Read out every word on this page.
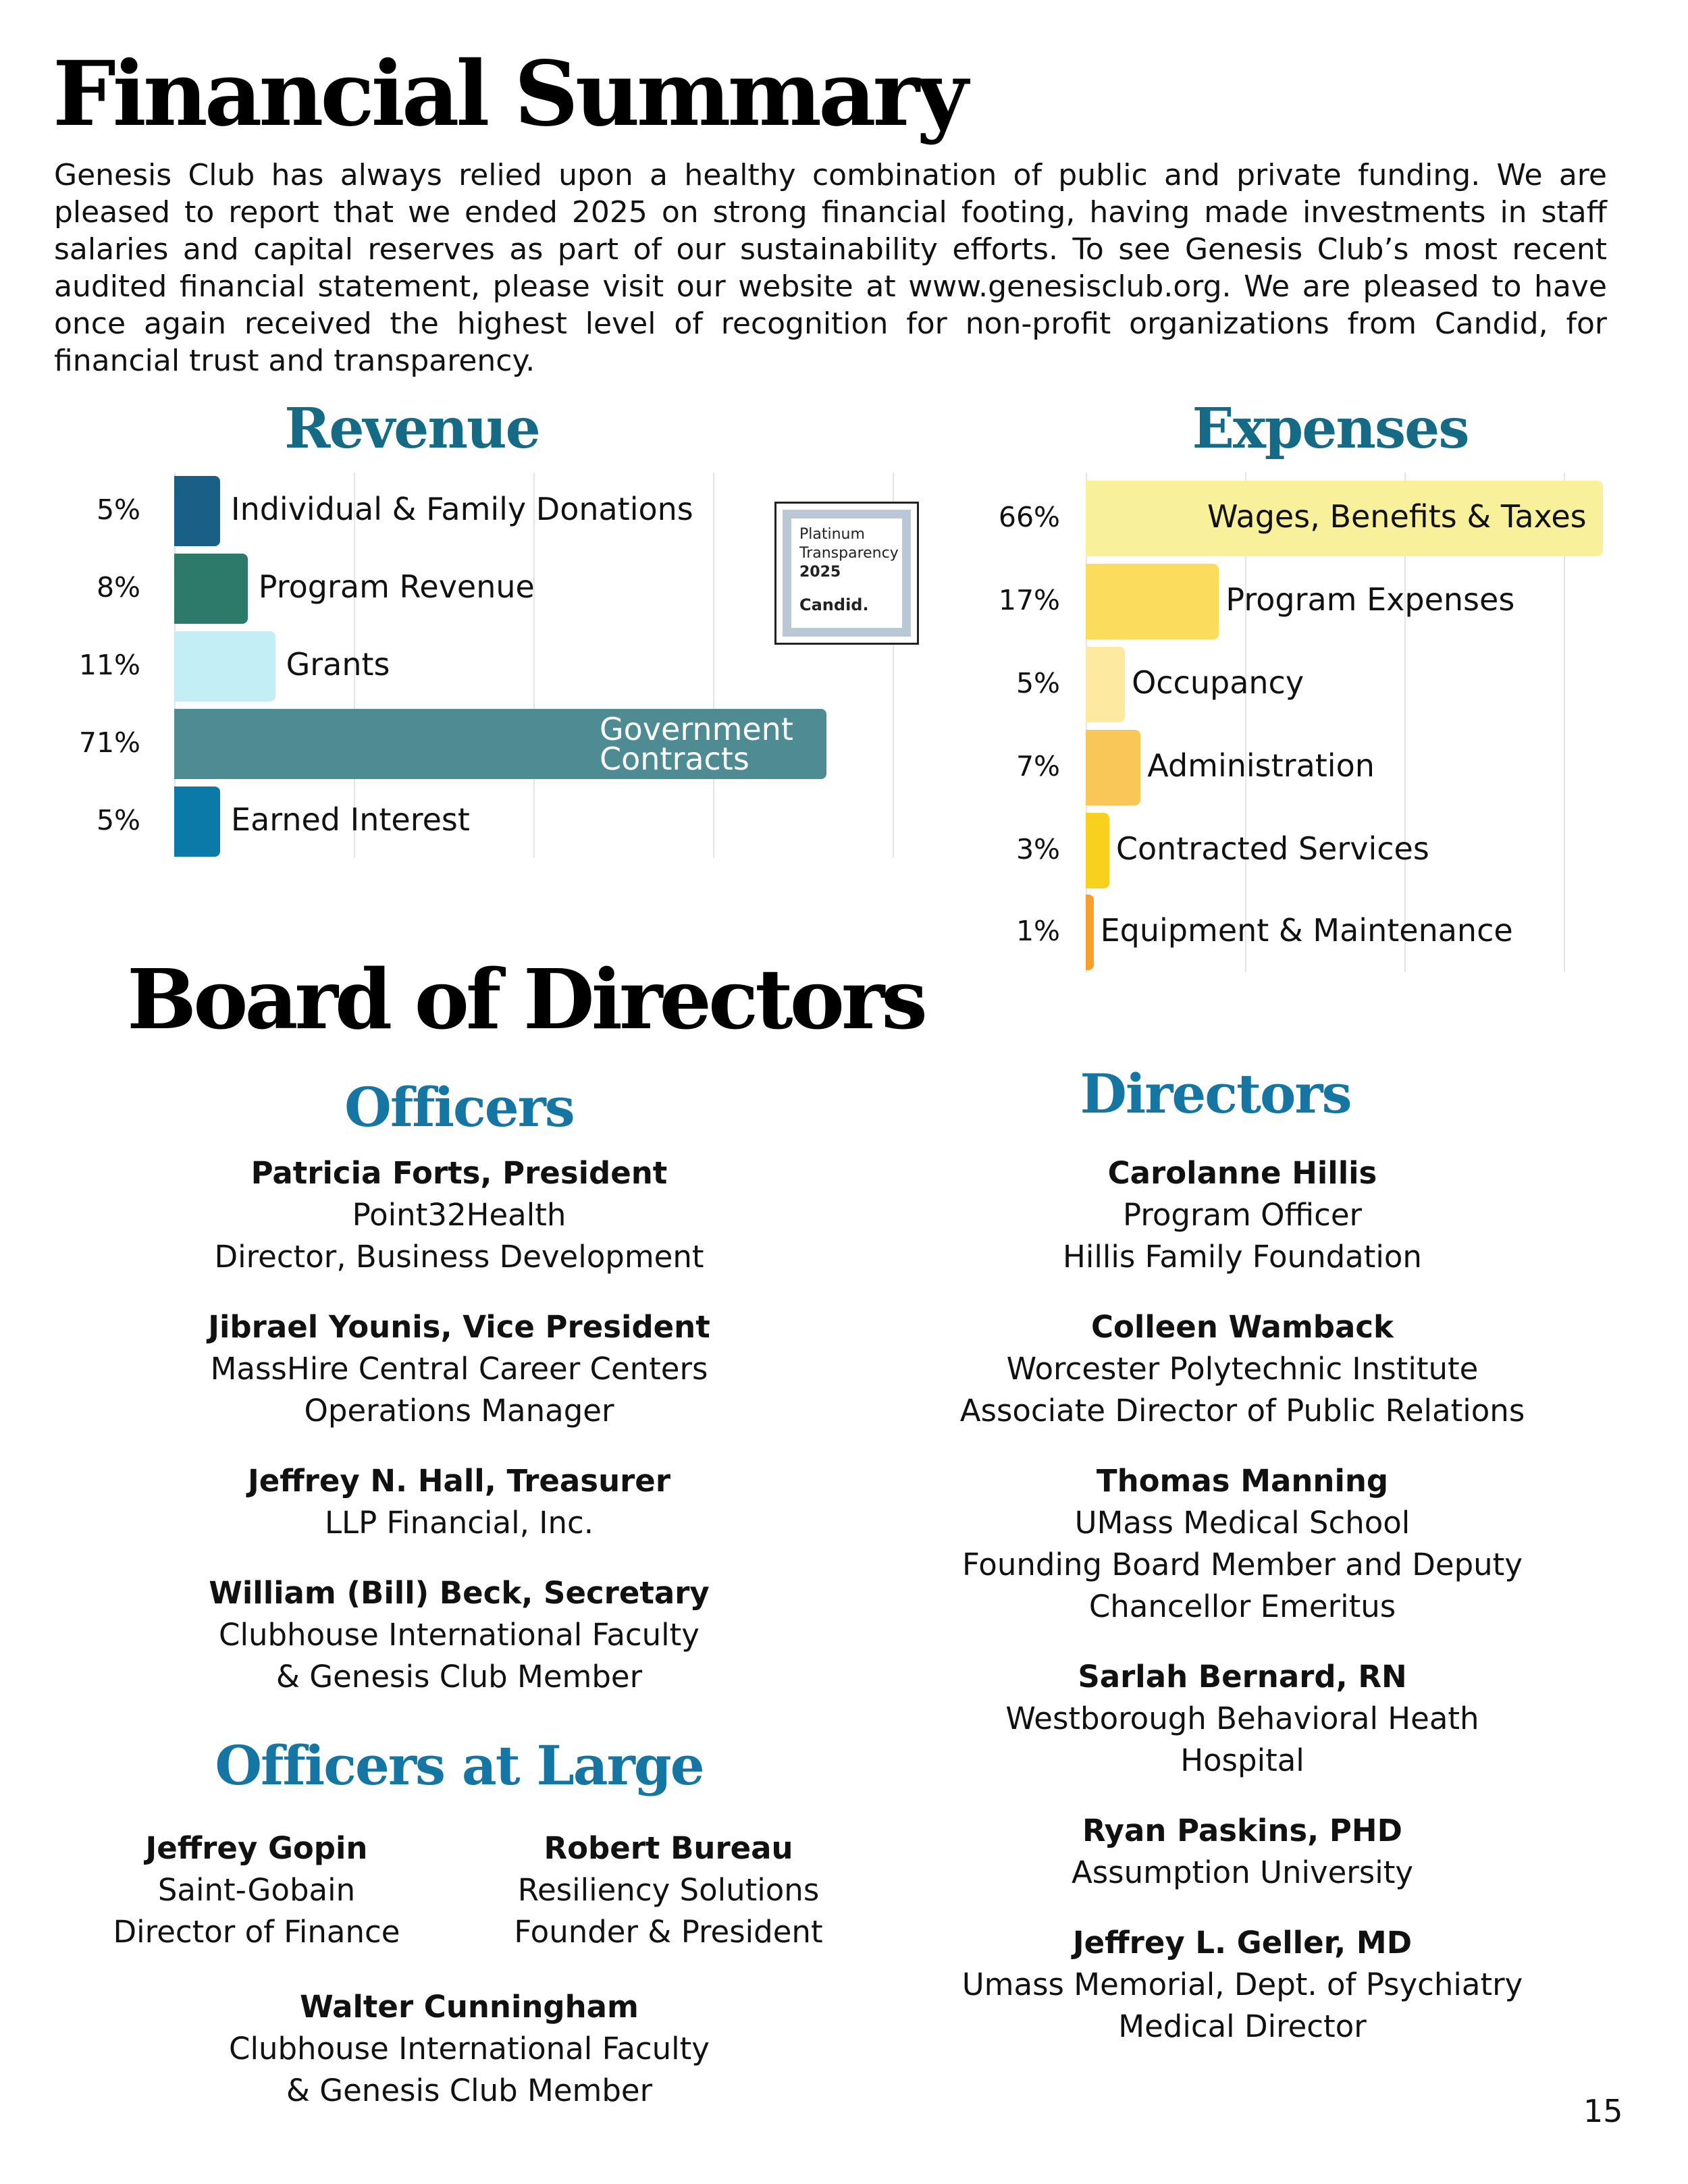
Financial Summary

Genesis Club has always relied upon a healthy combination of public and private funding. We are pleased to report that we ended 2025 on strong financial footing, having made investments in staff salaries and capital reserves as part of our sustainability efforts. To see Genesis Club’s most recent audited financial statement, please visit our website at www.genesisclub.org. We are pleased to have once again received the highest level of recognition for non-profit organizations from Candid, for financial trust and transparency.

Revenue
5%	Individual & Family Donations
8%	Program Revenue
11%	Grants
71%	Government Contracts
5%	Earned Interest
Platinum
Transparency
2025
Candid.
Expenses
66%	Wages, Benefits & Taxes
17%	Program Expenses
5% Occupancy
7%	Administration
3% Contracted Services
1% Equipment & Maintenance
Board of Directors
Officers
Patricia Forts, President
Point32Health
Director, Business Development
Jibrael Younis, Vice President
MassHire Central Career Centers
Operations Manager
Jeffrey N. Hall, Treasurer
LLP Financial, Inc.
William (Bill) Beck, Secretary
Clubhouse International Faculty
& Genesis Club Member
Officers at Large
Jeffrey Gopin
Saint-Gobain
Director of Finance
Robert Bureau
Resiliency Solutions
Founder & President
Walter Cunningham
Clubhouse International Faculty
& Genesis Club Member
Directors
Carolanne Hillis
Program Officer
Hillis Family Foundation
Colleen Wamback
Worcester Polytechnic Institute
Associate Director of Public Relations
Thomas Manning
UMass Medical School
Founding Board Member and Deputy
Chancellor Emeritus
Sarlah Bernard, RN
Westborough Behavioral Heath
Hospital
Ryan Paskins, PHD
Assumption University
Jeffrey L. Geller, MD
Umass Memorial, Dept. of Psychiatry
Medical Director
15
